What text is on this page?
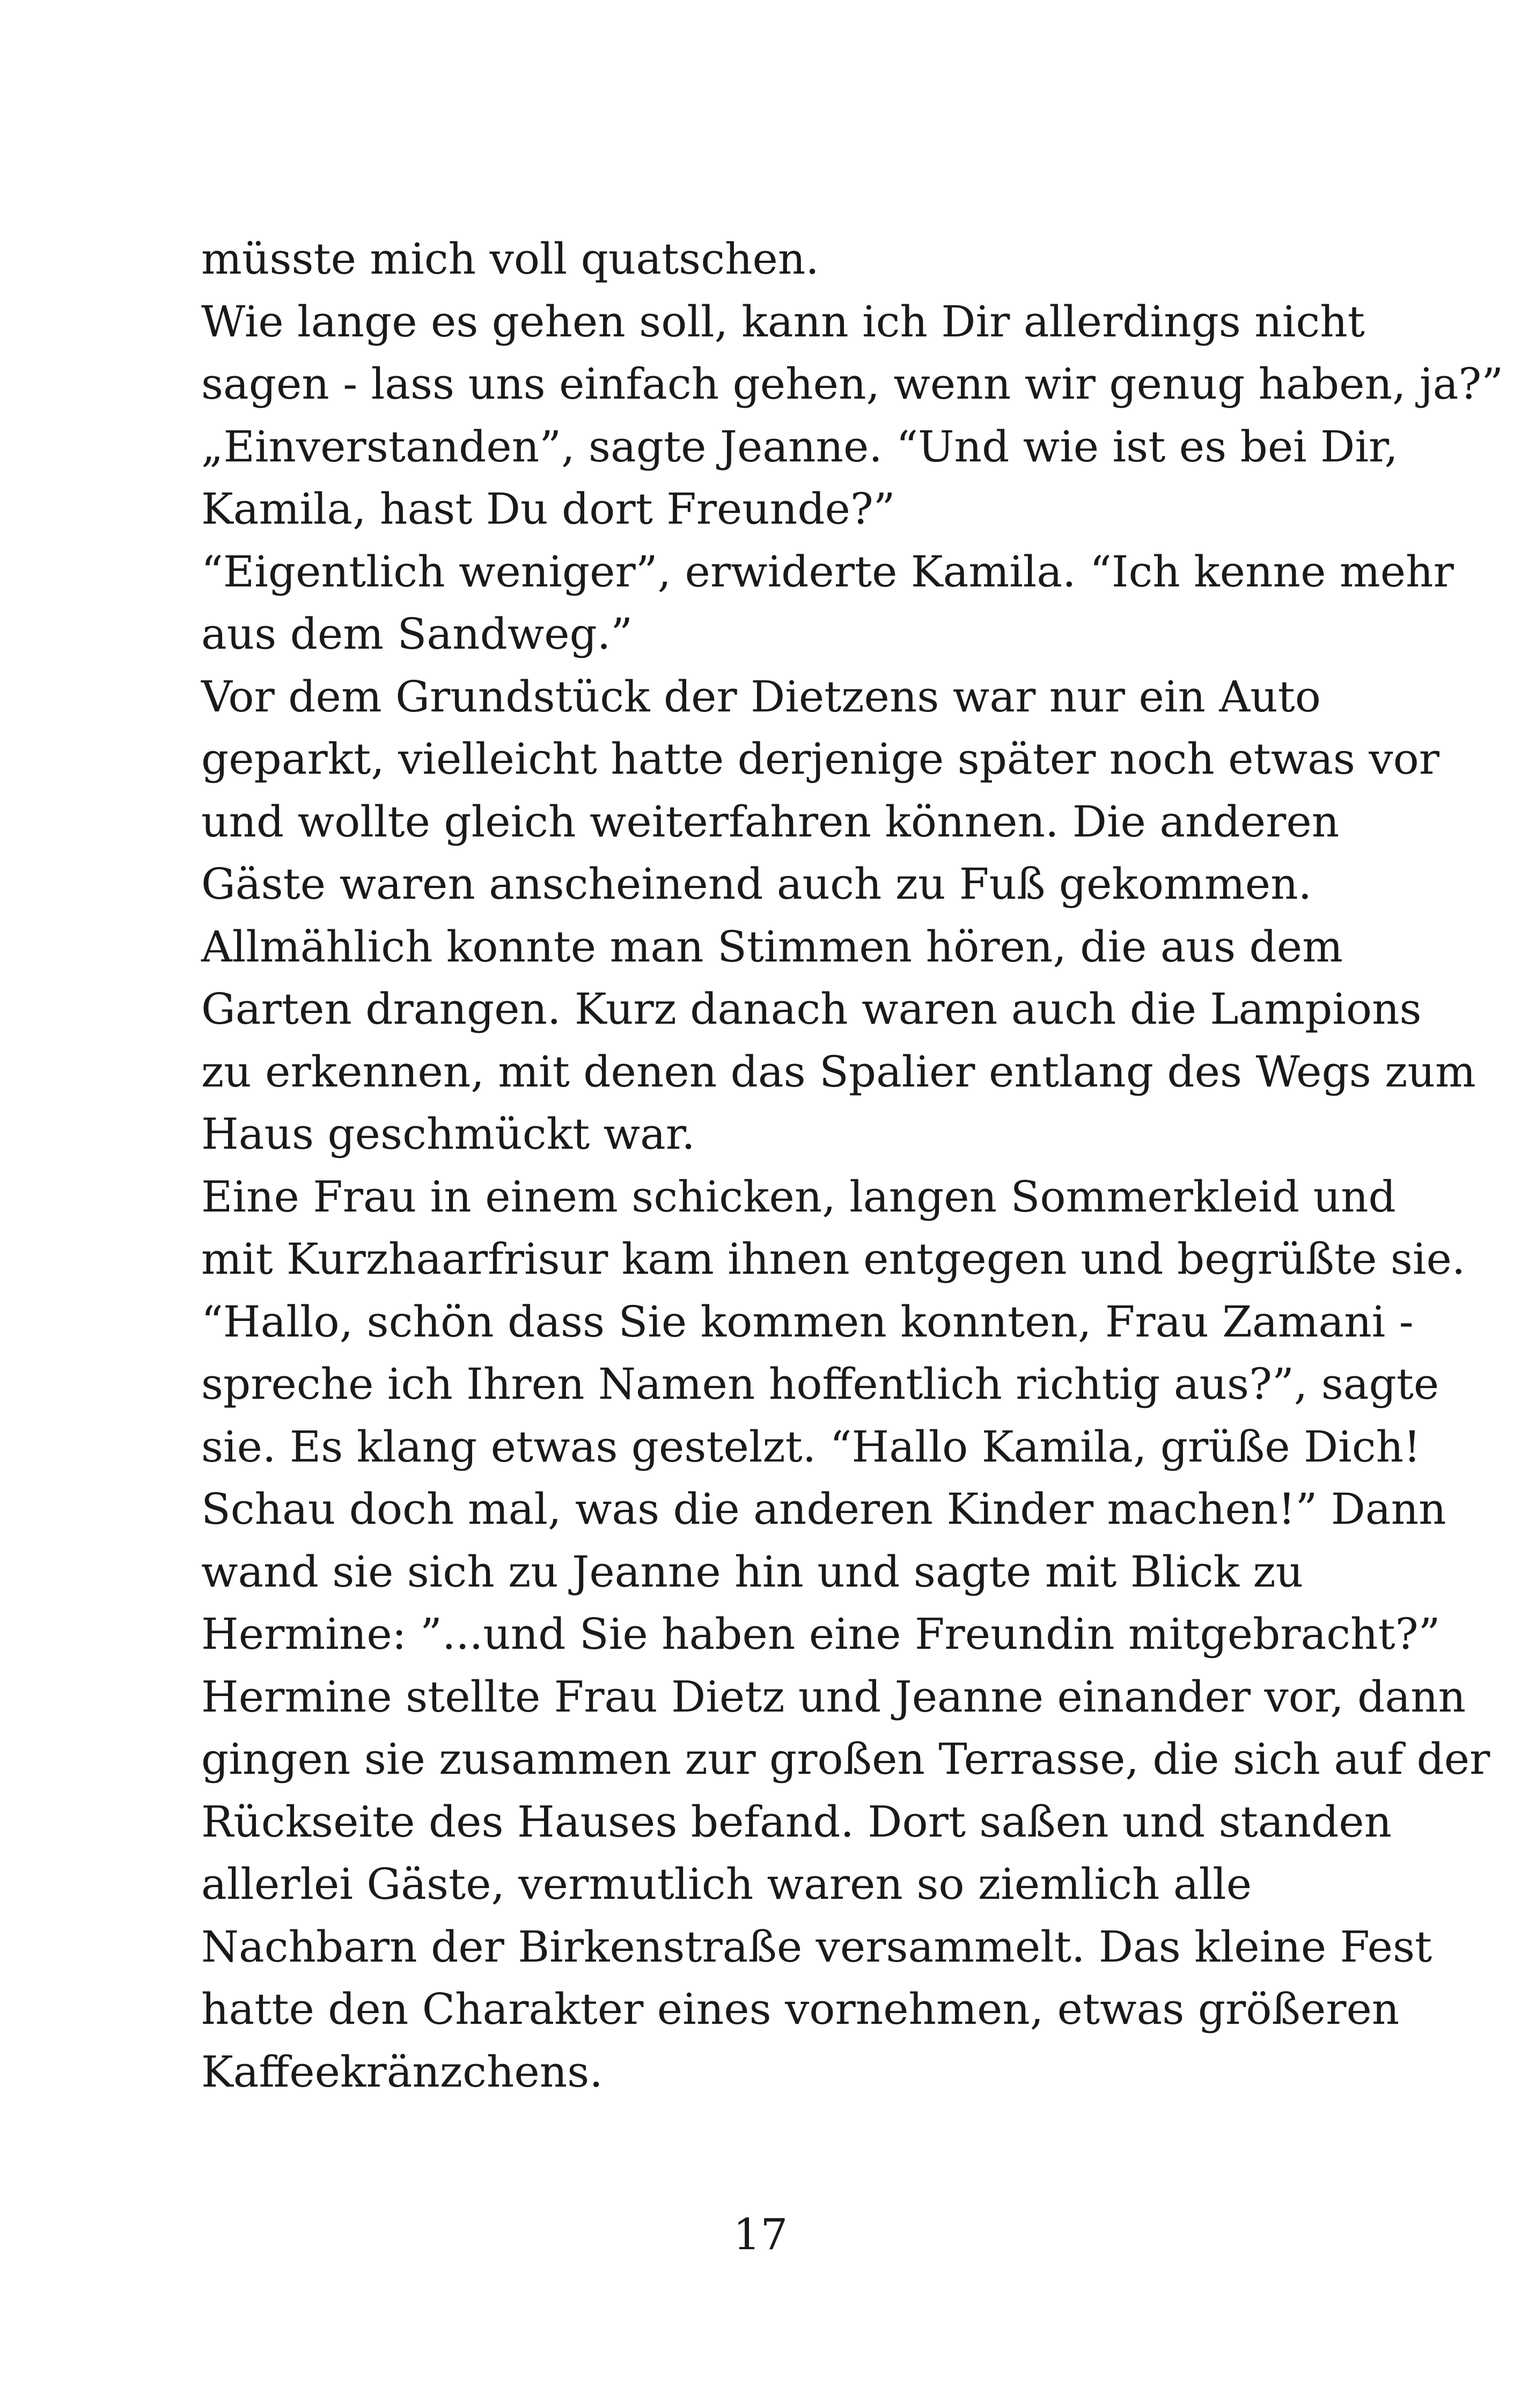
müsste mich voll quatschen.
Wie lange es gehen soll, kann ich Dir allerdings nicht
sagen - lass uns einfach gehen, wenn wir genug haben, ja?”
„Einverstanden”, sagte Jeanne. “Und wie ist es bei Dir,
Kamila, hast Du dort Freunde?”
“Eigentlich weniger”, erwiderte Kamila. “Ich kenne mehr
aus dem Sandweg.”
Vor dem Grundstück der Dietzens war nur ein Auto
geparkt, vielleicht hatte derjenige später noch etwas vor
und wollte gleich weiterfahren können. Die anderen
Gäste waren anscheinend auch zu Fuß gekommen.
Allmählich konnte man Stimmen hören, die aus dem
Garten drangen. Kurz danach waren auch die Lampions
zu erkennen, mit denen das Spalier entlang des Wegs zum
Haus geschmückt war.
Eine Frau in einem schicken, langen Sommerkleid und
mit Kurzhaarfrisur kam ihnen entgegen und begrüßte sie.
“Hallo, schön dass Sie kommen konnten, Frau Zamani -
spreche ich Ihren Namen hoffentlich richtig aus?”, sagte
sie. Es klang etwas gestelzt. “Hallo Kamila, grüße Dich!
Schau doch mal, was die anderen Kinder machen!” Dann
wand sie sich zu Jeanne hin und sagte mit Blick zu
Hermine: ”...und Sie haben eine Freundin mitgebracht?”
Hermine stellte Frau Dietz und Jeanne einander vor, dann
gingen sie zusammen zur großen Terrasse, die sich auf der
Rückseite des Hauses befand. Dort saßen und standen
allerlei Gäste, vermutlich waren so ziemlich alle
Nachbarn der Birkenstraße versammelt. Das kleine Fest
hatte den Charakter eines vornehmen, etwas größeren
Kaffeekränzchens.
17
